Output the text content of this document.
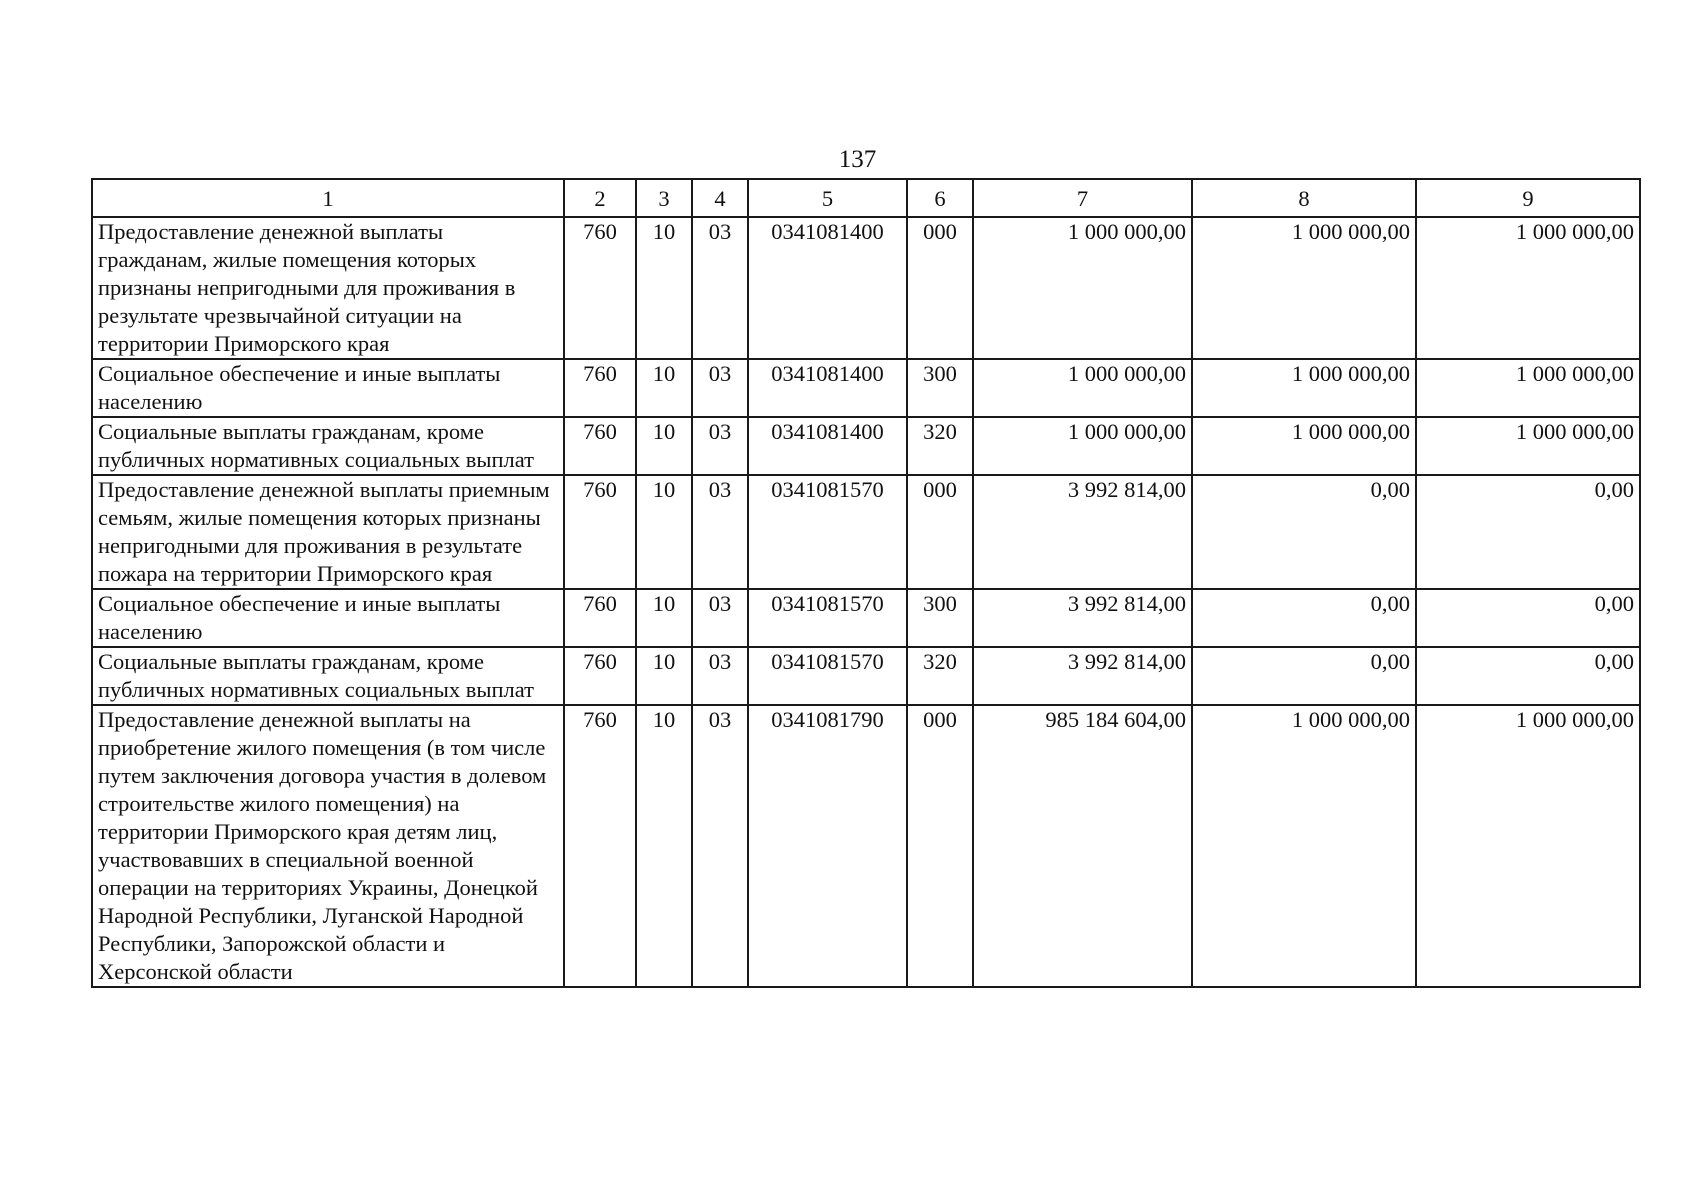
137
1	2	3	4	5	6	7	8	9
Предоставление денежной выплаты гражданам, жилые помещения которых признаны непригодными для проживания в результате чрезвычайной ситуации на территории Приморского края	760	10	03	0341081400	000	1 000 000,00	1 000 000,00	1 000 000,00
Социальное обеспечение и иные выплаты населению	760	10	03	0341081400	300	1 000 000,00	1 000 000,00	1 000 000,00
Социальные выплаты гражданам, кроме публичных нормативных социальных выплат	760	10	03	0341081400	320	1 000 000,00	1 000 000,00	1 000 000,00
Предоставление денежной выплаты приемным семьям, жилые помещения которых признаны непригодными для проживания в результате пожара на территории Приморского края	760	10	03	0341081570	000	3 992 814,00	0,00	0,00
Социальное обеспечение и иные выплаты населению	760	10	03	0341081570	300	3 992 814,00	0,00	0,00
Социальные выплаты гражданам, кроме публичных нормативных социальных выплат	760	10	03	0341081570	320	3 992 814,00	0,00	0,00
Предоставление денежной выплаты на приобретение жилого помещения (в том числе путем заключения договора участия в долевом строительстве жилого помещения) на территории Приморского края детям лиц, участвовавших в специальной военной операции на территориях Украины, Донецкой Народной Республики, Луганской Народной Республики, Запорожской области и Херсонской области	760	10	03	0341081790	000	985 184 604,00	1 000 000,00	1 000 000,00
